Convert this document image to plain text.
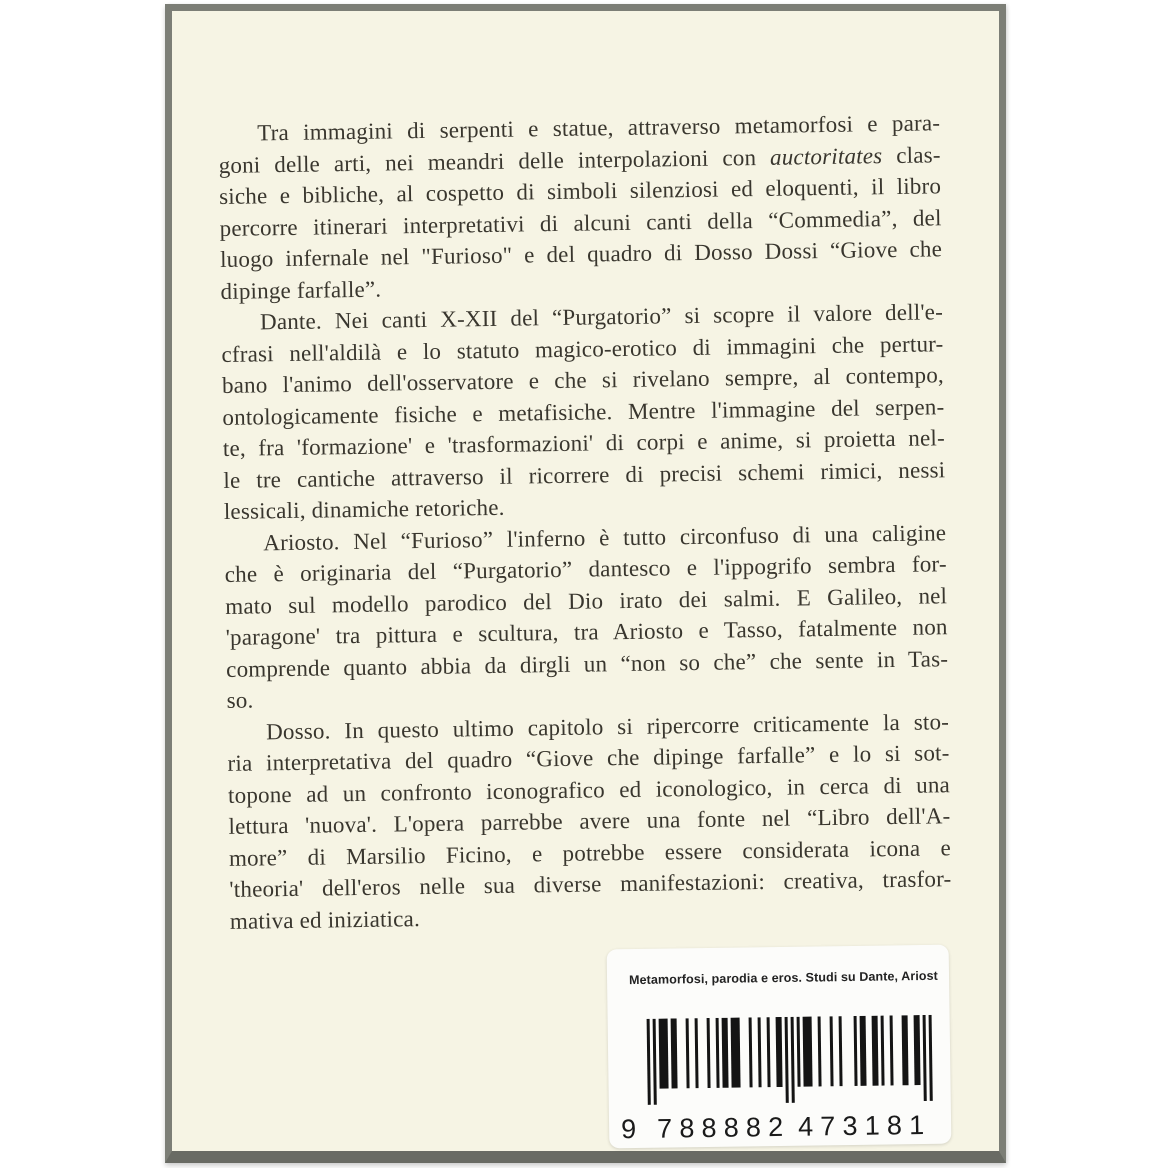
Tra immagini di serpenti e statue, attraverso metamorfosi e para-
goni delle arti, nei meandri delle interpolazioni con auctoritates clas-
siche e bibliche, al cospetto di simboli silenziosi ed eloquenti, il libro
percorre itinerari interpretativi di alcuni canti della “Commedia”, del
luogo infernale nel "Furioso" e del quadro di Dosso Dossi “Giove che
dipinge farfalle”.
Dante. Nei canti X-XII del “Purgatorio” si scopre il valore dell'e-
cfrasi nell'aldilà e lo statuto magico-erotico di immagini che pertur-
bano l'animo dell'osservatore e che si rivelano sempre, al contempo,
ontologicamente fisiche e metafisiche. Mentre l'immagine del serpen-
te, fra 'formazione' e 'trasformazioni' di corpi e anime, si proietta nel-
le tre cantiche attraverso il ricorrere di precisi schemi rimici, nessi
lessicali, dinamiche retoriche.
Ariosto. Nel “Furioso” l'inferno è tutto circonfuso di una caligine
che è originaria del “Purgatorio” dantesco e l'ippogrifo sembra for-
mato sul modello parodico del Dio irato dei salmi. E Galileo, nel
'paragone' tra pittura e scultura, tra Ariosto e Tasso, fatalmente non
comprende quanto abbia da dirgli un “non so che” che sente in Tas-
so.
Dosso. In questo ultimo capitolo si ripercorre criticamente la sto-
ria interpretativa del quadro “Giove che dipinge farfalle” e lo si sot-
topone ad un confronto iconografico ed iconologico, in cerca di una
lettura 'nuova'. L'opera parrebbe avere una fonte nel “Libro dell'A-
more” di Marsilio Ficino, e potrebbe essere considerata icona e
'theoria' dell'eros nelle sua diverse manifestazioni: creativa, trasfor-
mativa ed iniziatica.
Metamorfosi, parodia e eros. Studi su Dante, Ariost
9 788882 473181
